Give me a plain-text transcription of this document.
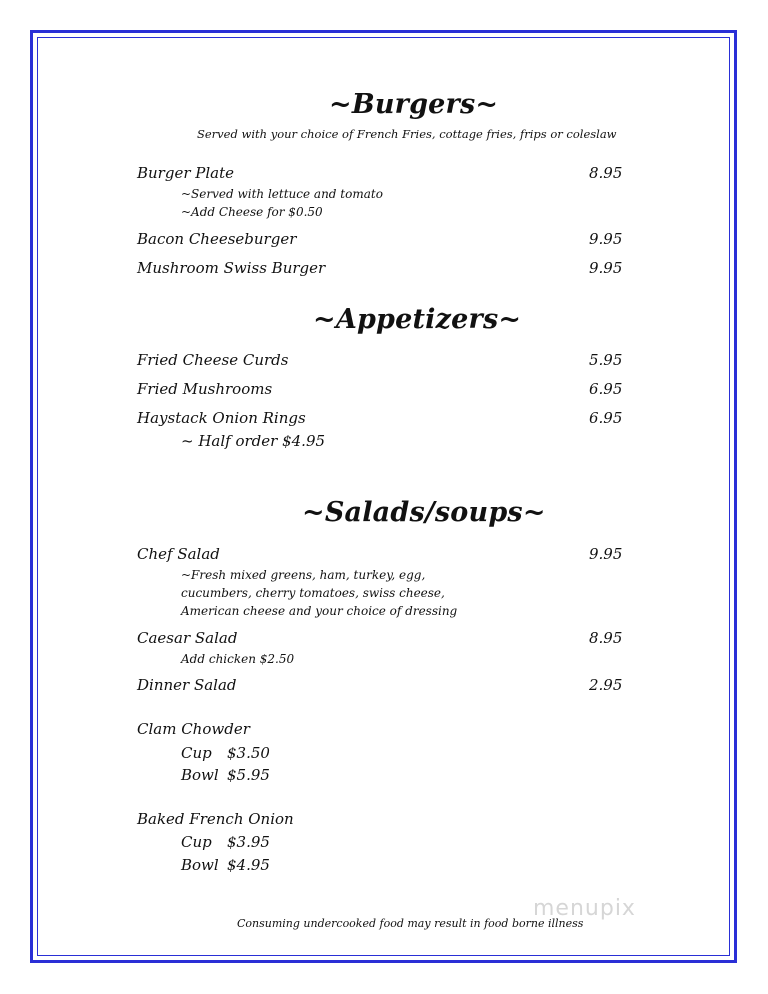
~Burgers~
Served with your choice of French Fries, cottage fries, frips or coleslaw
Burger Plate	8.95
~Served with lettuce and tomato
~Add Cheese for $0.50
Bacon Cheeseburger	9.95
Mushroom Swiss Burger	9.95
~Appetizers~
Fried Cheese Curds	5.95
Fried Mushrooms	6.95
Haystack Onion Rings	6.95
~ Half order $4.95
~Salads/soups~
Chef Salad	9.95
~Fresh mixed greens, ham, turkey, egg,
cucumbers, cherry tomatoes, swiss cheese,
American cheese and your choice of dressing
Caesar Salad	8.95
Add chicken $2.50
Dinner Salad	2.95
Clam Chowder
Cup $3.50
Bowl $5.95
Baked French Onion
Cup $3.95
Bowl $4.95
Consuming undercooked food may result in food borne illness
menupix
